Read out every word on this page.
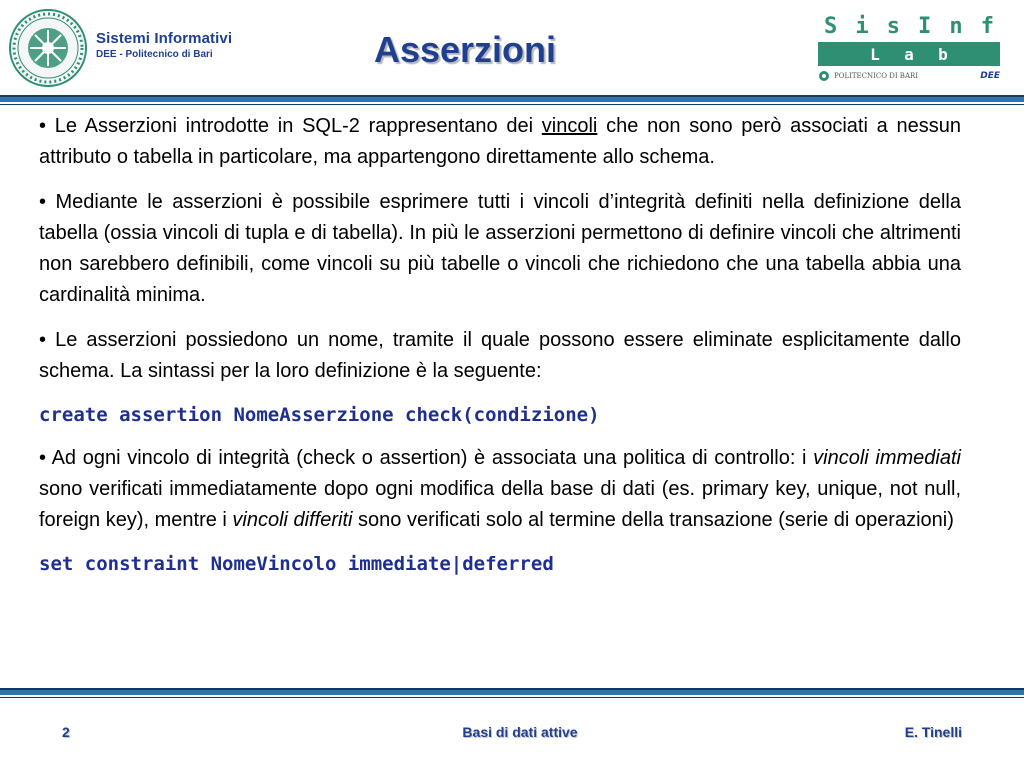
Sistemi Informativi
DEE - Politecnico di Bari	Asserzioni
S i s I n f
L a b
POLITECNICO DI BARI	DEE

• Le Asserzioni introdotte in SQL-2 rappresentano dei vincoli che non sono però associati a nessun attributo o tabella in particolare, ma appartengono direttamente allo schema.

• Mediante le asserzioni è possibile esprimere tutti i vincoli d’integrità definiti nella definizione della tabella (ossia vincoli di tupla e di tabella). In più le asserzioni permettono di definire vincoli che altrimenti non sarebbero definibili, come vincoli su più tabelle o vincoli che richiedono che una tabella abbia una cardinalità minima.

• Le asserzioni possiedono un nome, tramite il quale possono essere eliminate esplicitamente dallo schema. La sintassi per la loro definizione è la seguente:

create assertion NomeAsserzione check(condizione)

• Ad ogni vincolo di integrità (check o assertion) è associata una politica di controllo: i vincoli immediati sono verificati immediatamente dopo ogni modifica della base di dati (es. primary key, unique, not null, foreign key), mentre i vincoli differiti sono verificati solo al termine della transazione (serie di operazioni)

set constraint NomeVincolo immediate|deferred
2	Basi di dati attive	E. Tinelli
